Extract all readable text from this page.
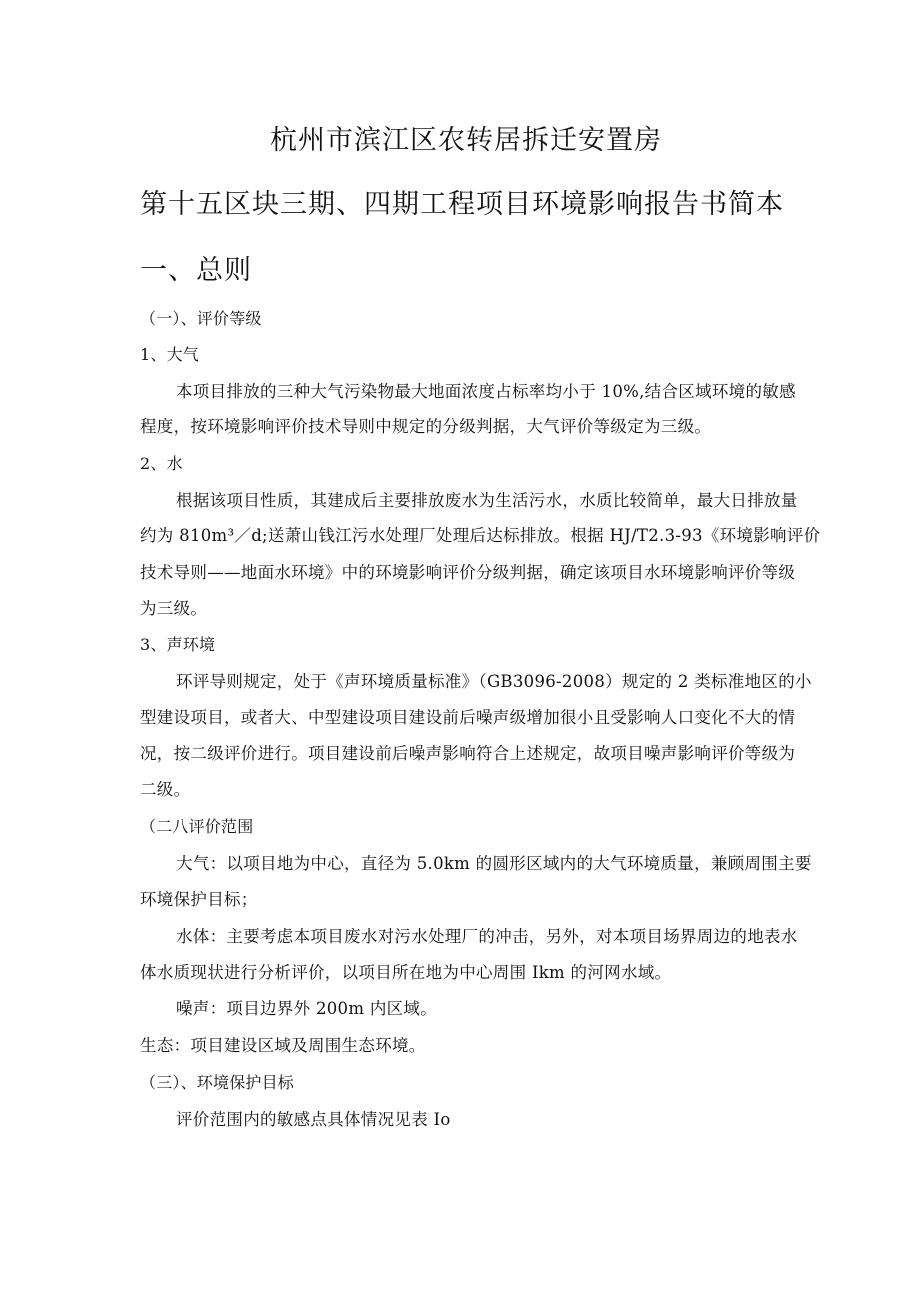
杭州市滨江区农转居拆迁安置房
第十五区块三期、四期工程项目环境影响报告书简本
一、总则
（一）、评价等级
1、大气
本项目排放的三种大气污染物最大地面浓度占标率均小于 10%,结合区域环境的敏感
程度，按环境影响评价技术导则中规定的分级判据，大气评价等级定为三级。
2、水
根据该项目性质，其建成后主要排放废水为生活污水，水质比较简单，最大日排放量
约为 810m³／d;送萧山钱江污水处理厂处理后达标排放。根据 HJ/T2.3-93《环境影响评价
技术导则——地面水环境》中的环境影响评价分级判据，确定该项目水环境影响评价等级
为三级。
3、声环境
环评导则规定，处于《声环境质量标准》（GB3096-2008）规定的 2 类标准地区的小
型建设项目，或者大、中型建设项目建设前后噪声级增加很小且受影响人口变化不大的情
况，按二级评价进行。项目建设前后噪声影响符合上述规定，故项目噪声影响评价等级为
二级。
（二八评价范围
大气：以项目地为中心，直径为 5.0km 的圆形区域内的大气环境质量，兼顾周围主要
环境保护目标；
水体：主要考虑本项目废水对污水处理厂的冲击，另外，对本项目场界周边的地表水
体水质现状进行分析评价，以项目所在地为中心周围 Ikm 的河网水域。
噪声：项目边界外 200m 内区域。
生态：项目建设区域及周围生态环境。
（三）、环境保护目标
评价范围内的敏感点具体情况见表 Io
